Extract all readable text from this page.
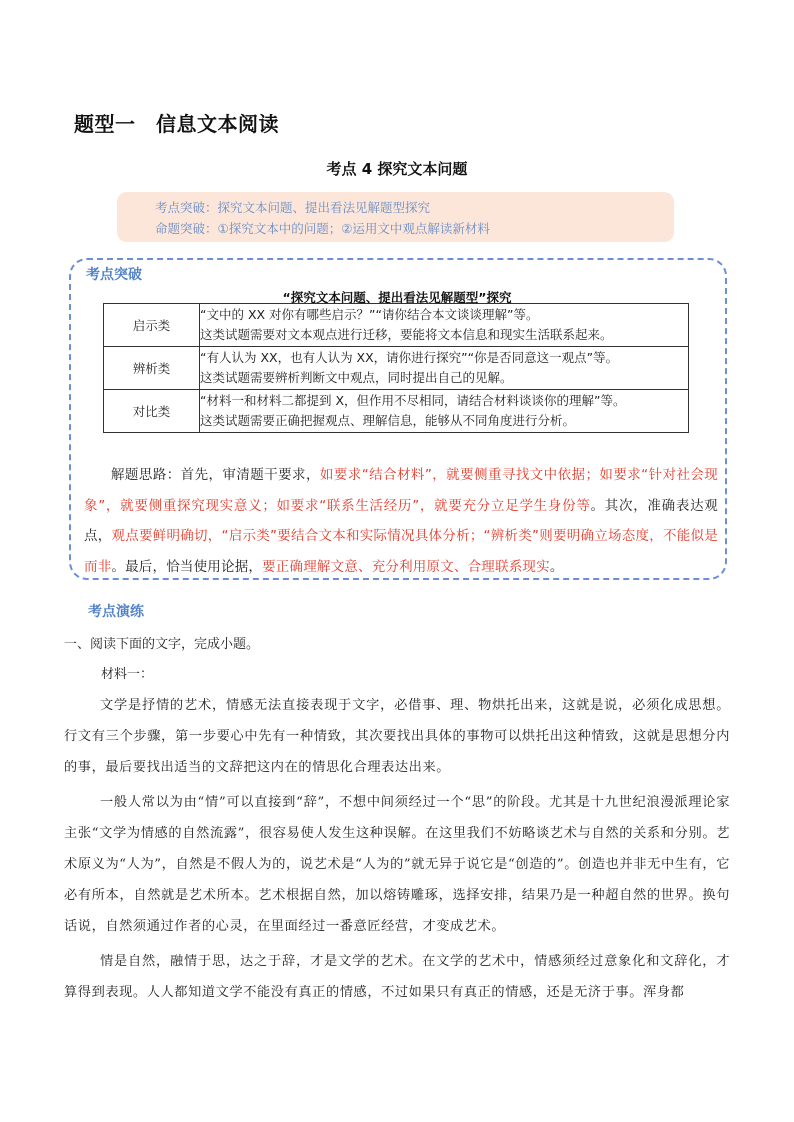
题型一　信息文本阅读
考点 4 探究文本问题
考点突破：探究文本问题、提出看法见解题型探究
命题突破：①探究文本中的问题；②运用文中观点解读新材料
考点突破
“探究文本问题、提出看法见解题型”探究
启示类	“文中的 XX 对你有哪些启示？”“请你结合本文谈谈理解”等。
这类试题需要对文本观点进行迁移，要能将文本信息和现实生活联系起来。

辨析类	“有人认为 XX，也有人认为 XX，请你进行探究”“你是否同意这一观点”等。
这类试题需要辨析判断文中观点，同时提出自己的见解。

对比类	“材料一和材料二都提到 X，但作用不尽相同，请结合材料谈谈你的理解”等。
这类试题需要正确把握观点、理解信息，能够从不同角度进行分析。
解题思路：首先，审清题干要求，如要求“结合材料”，就要侧重寻找文中依据；如要求“针对社会现象”，就要侧重探究现实意义；如要求“联系生活经历”，就要充分立足学生身份等。其次，准确表达观点，观点要鲜明确切，“启示类”要结合文本和实际情况具体分析；“辨析类”则要明确立场态度，不能似是而非。最后，恰当使用论据，要正确理解文意、充分利用原文、合理联系现实。
考点演练
一、阅读下面的文字，完成小题。
材料一：

文学是抒情的艺术，情感无法直接表现于文字，必借事、理、物烘托出来，这就是说，必须化成思想。行文有三个步骤，第一步要心中先有一种情致，其次要找出具体的事物可以烘托出这种情致，这就是思想分内的事，最后要找出适当的文辞把这内在的情思化合理表达出来。

一般人常以为由“情”可以直接到“辞”，不想中间须经过一个“思”的阶段。尤其是十九世纪浪漫派理论家主张“文学为情感的自然流露”，很容易使人发生这种误解。在这里我们不妨略谈艺术与自然的关系和分别。艺术原义为“人为”，自然是不假人为的，说艺术是“人为的”就无异于说它是“创造的”。创造也并非无中生有，它必有所本，自然就是艺术所本。艺术根据自然，加以熔铸雕琢，选择安排，结果乃是一种超自然的世界。换句话说，自然须通过作者的心灵，在里面经过一番意匠经营，才变成艺术。

情是自然，融情于思，达之于辞，才是文学的艺术。在文学的艺术中，情感须经过意象化和文辞化，才算得到表现。人人都知道文学不能没有真正的情感，不过如果只有真正的情感，还是无济于事。浑身都
